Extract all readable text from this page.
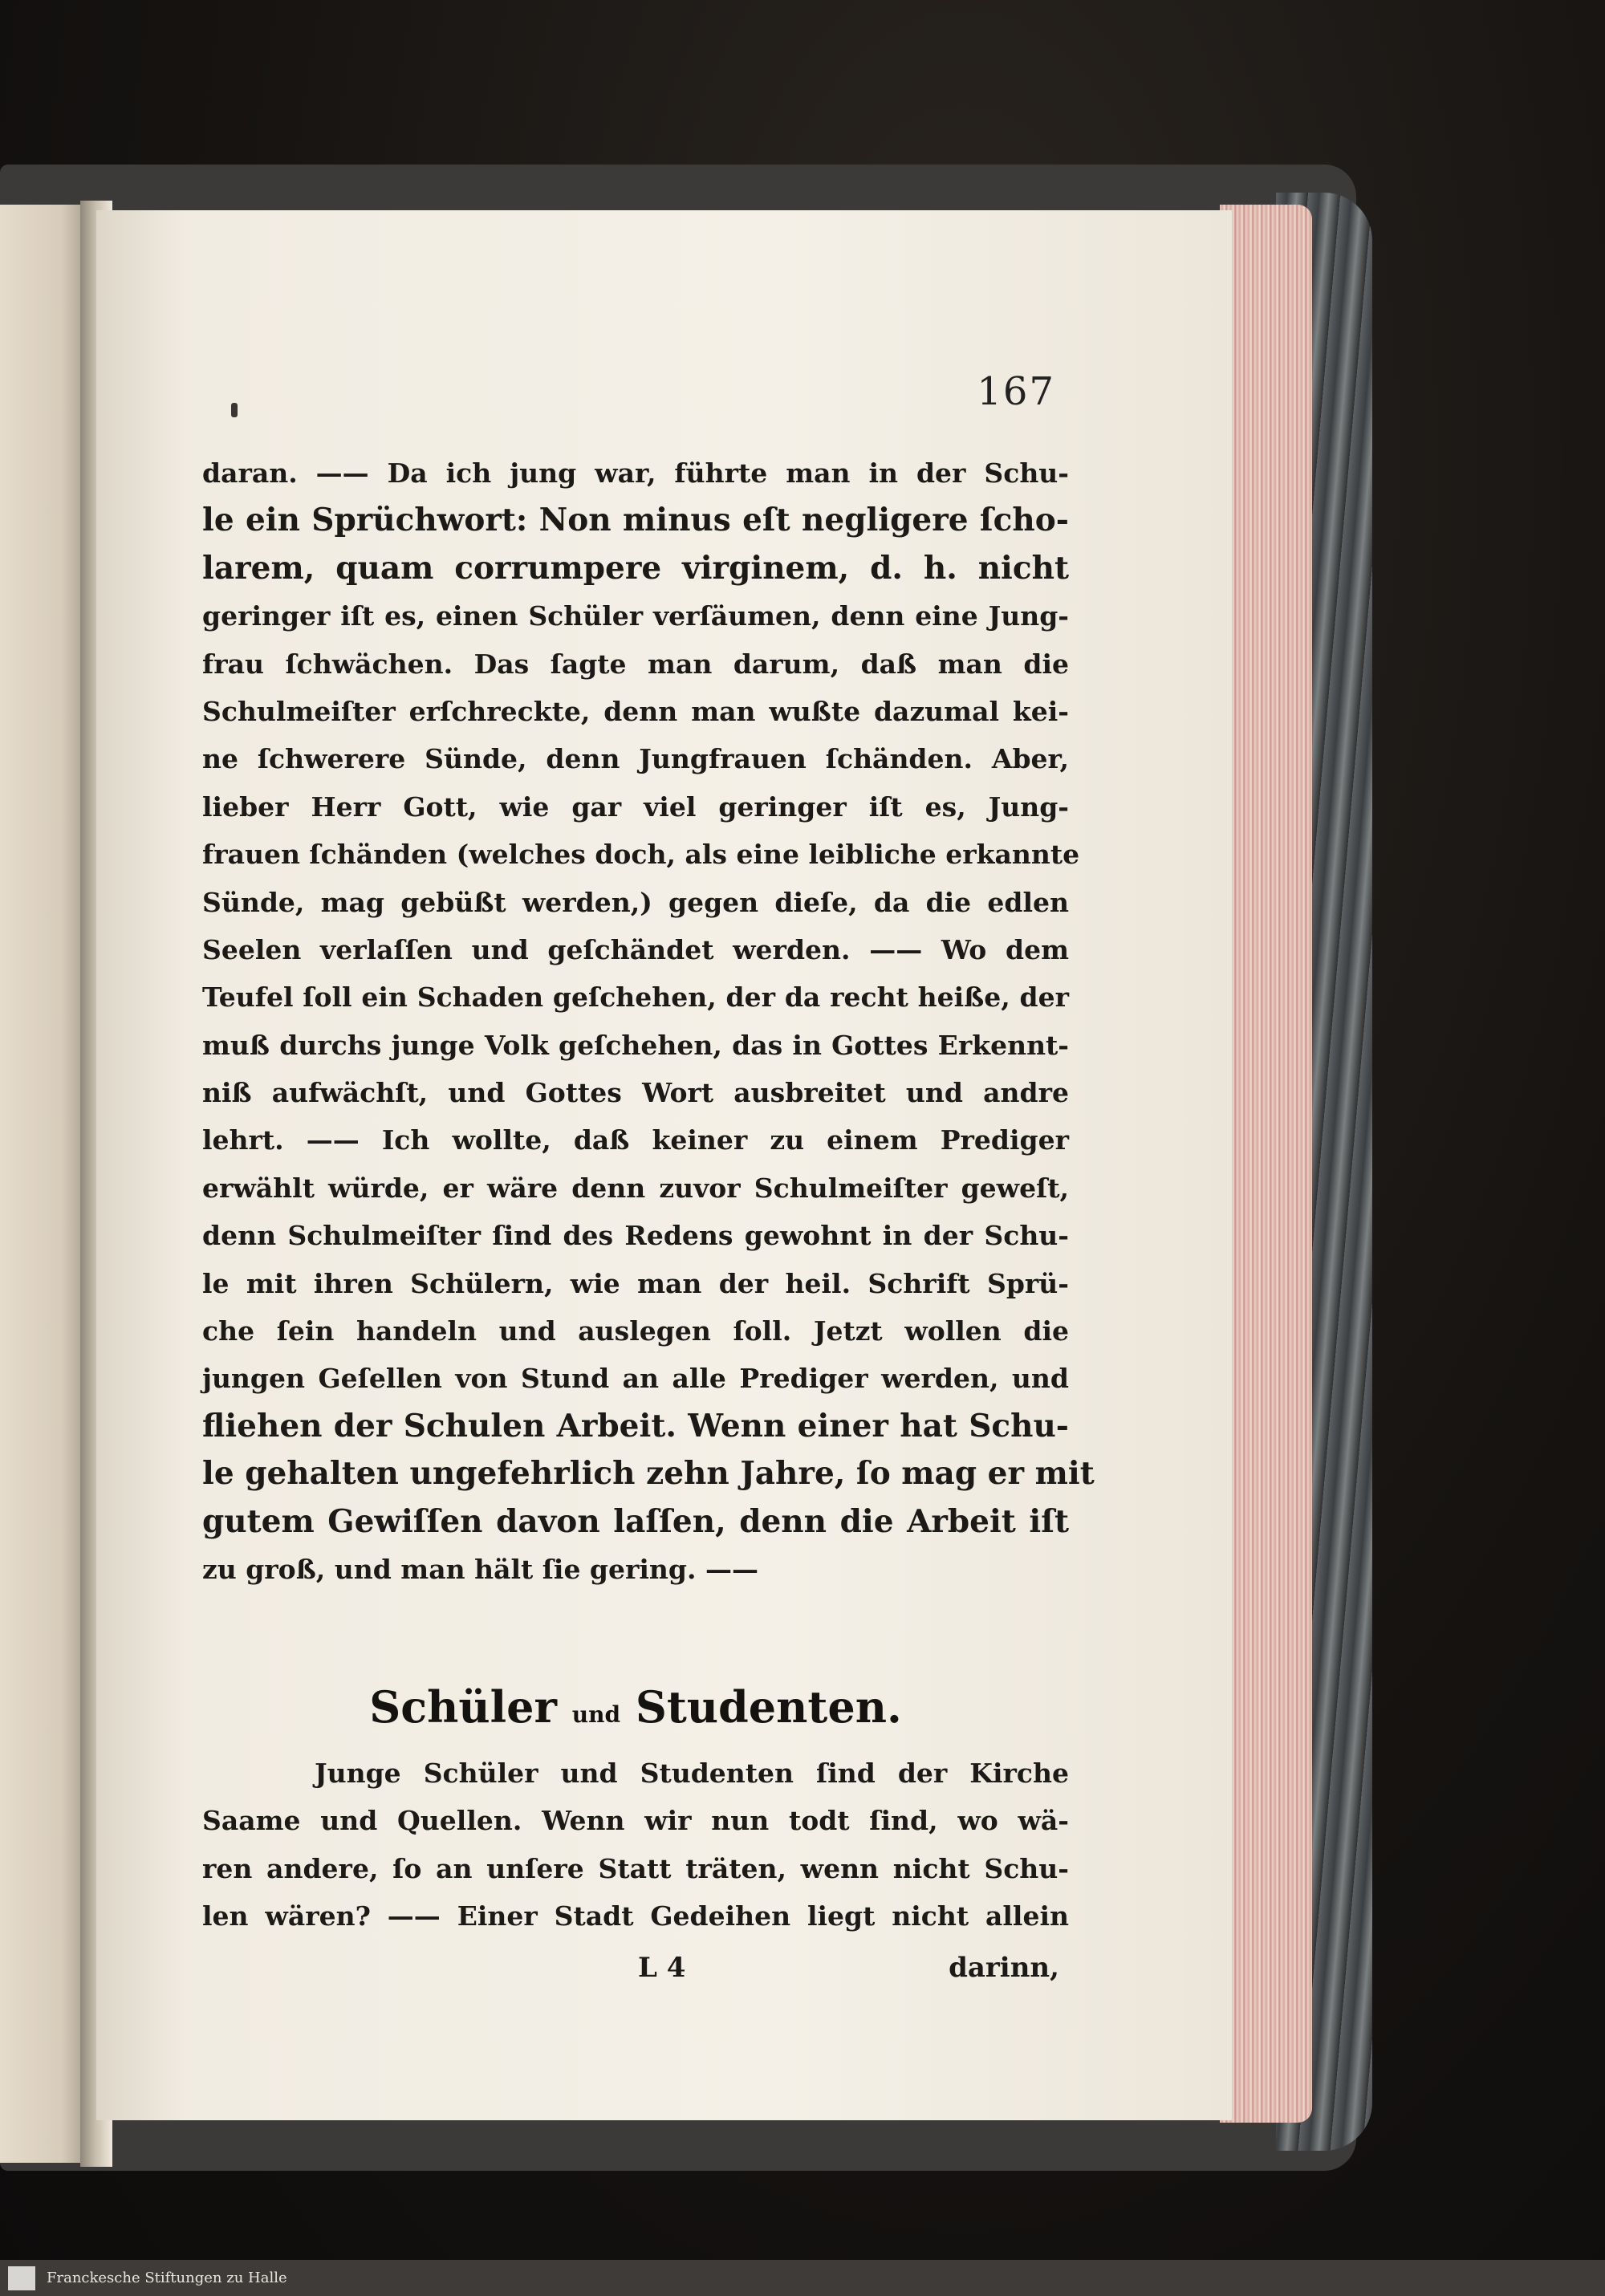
167
daran. —— Da ich jung war, führte man in der Schu-
le ein Sprüchwort: Non minus eſt negligere ſcho-
larem, quam corrumpere virginem, d. h. nicht
geringer iſt es, einen Schüler verſäumen, denn eine Jung-
frau ſchwächen. Das ſagte man darum, daß man die
Schulmeiſter erſchreckte, denn man wußte dazumal kei-
ne ſchwerere Sünde, denn Jungfrauen ſchänden. Aber,
lieber Herr Gott, wie gar viel geringer iſt es, Jung-
frauen ſchänden (welches doch, als eine leibliche erkannte
Sünde, mag gebüßt werden,) gegen dieſe, da die edlen
Seelen verlaſſen und geſchändet werden. —— Wo dem
Teufel ſoll ein Schaden geſchehen, der da recht heiße, der
muß durchs junge Volk geſchehen, das in Gottes Erkennt-
niß aufwächſt, und Gottes Wort ausbreitet und andre
lehrt. —— Ich wollte, daß keiner zu einem Prediger
erwählt würde, er wäre denn zuvor Schulmeiſter geweſt,
denn Schulmeiſter ſind des Redens gewohnt in der Schu-
le mit ihren Schülern, wie man der heil. Schrift Sprü-
che ſein handeln und auslegen ſoll. Jetzt wollen die
jungen Geſellen von Stund an alle Prediger werden, und
fliehen der Schulen Arbeit. Wenn einer hat Schu-
le gehalten ungefehrlich zehn Jahre, ſo mag er mit
gutem Gewiſſen davon laſſen, denn die Arbeit iſt
zu groß, und man hält ſie gering. ——
Schüler und Studenten.
Junge Schüler und Studenten ſind der Kirche
Saame und Quellen. Wenn wir nun todt ſind, wo wä-
ren andere, ſo an unſere Statt träten, wenn nicht Schu-
len wären? —— Einer Stadt Gedeihen liegt nicht allein
L 4	darinn,
Franckesche Stiftungen zu Halle
